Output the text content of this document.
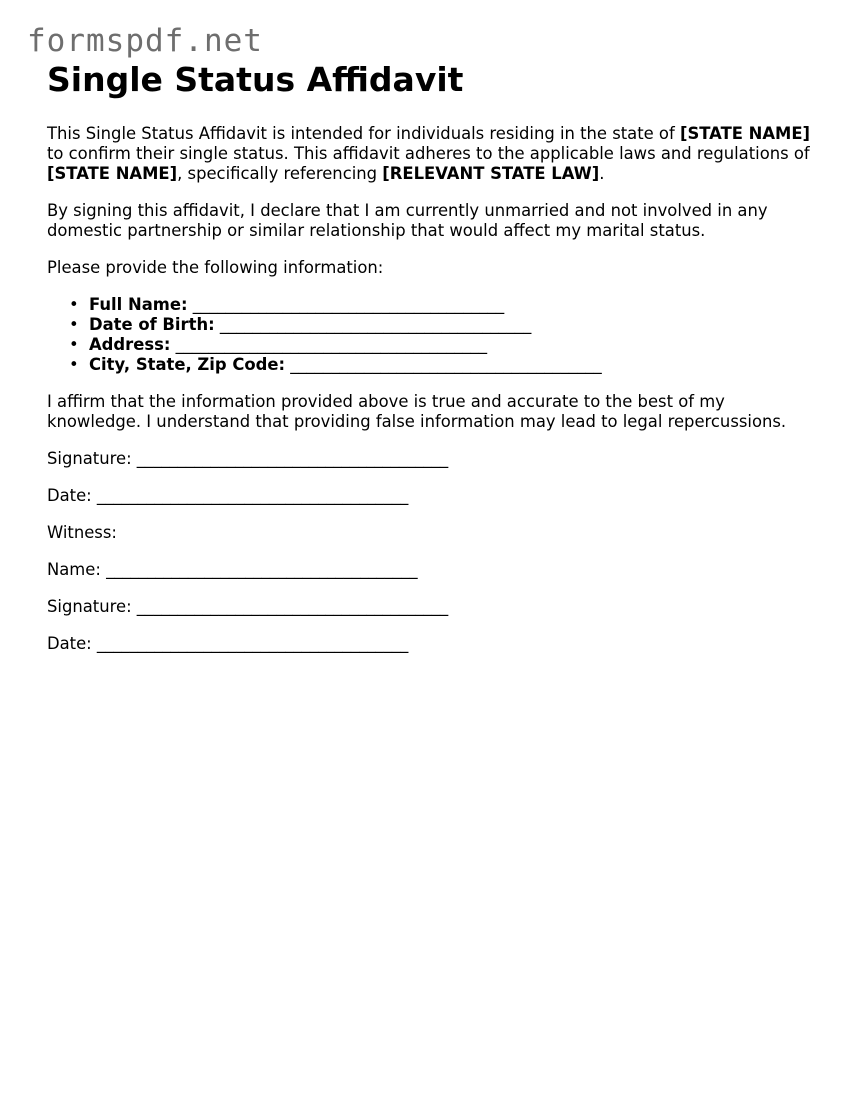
formspdf.net
Single Status Affidavit

This Single Status Affidavit is intended for individuals residing in the state of [STATE NAME] to confirm their single status. This affidavit adheres to the applicable laws and regulations of [STATE NAME], specifically referencing [RELEVANT STATE LAW].

By signing this affidavit, I declare that I am currently unmarried and not involved in any domestic partnership or similar relationship that would affect my marital status.

Please provide the following information:

• Full Name: ______________________________________
• Date of Birth: ______________________________________
• Address: ______________________________________
• City, State, Zip Code: ______________________________________

I affirm that the information provided above is true and accurate to the best of my knowledge. I understand that providing false information may lead to legal repercussions.

Signature: ______________________________________

Date: ______________________________________

Witness:

Name: ______________________________________

Signature: ______________________________________

Date: ______________________________________
